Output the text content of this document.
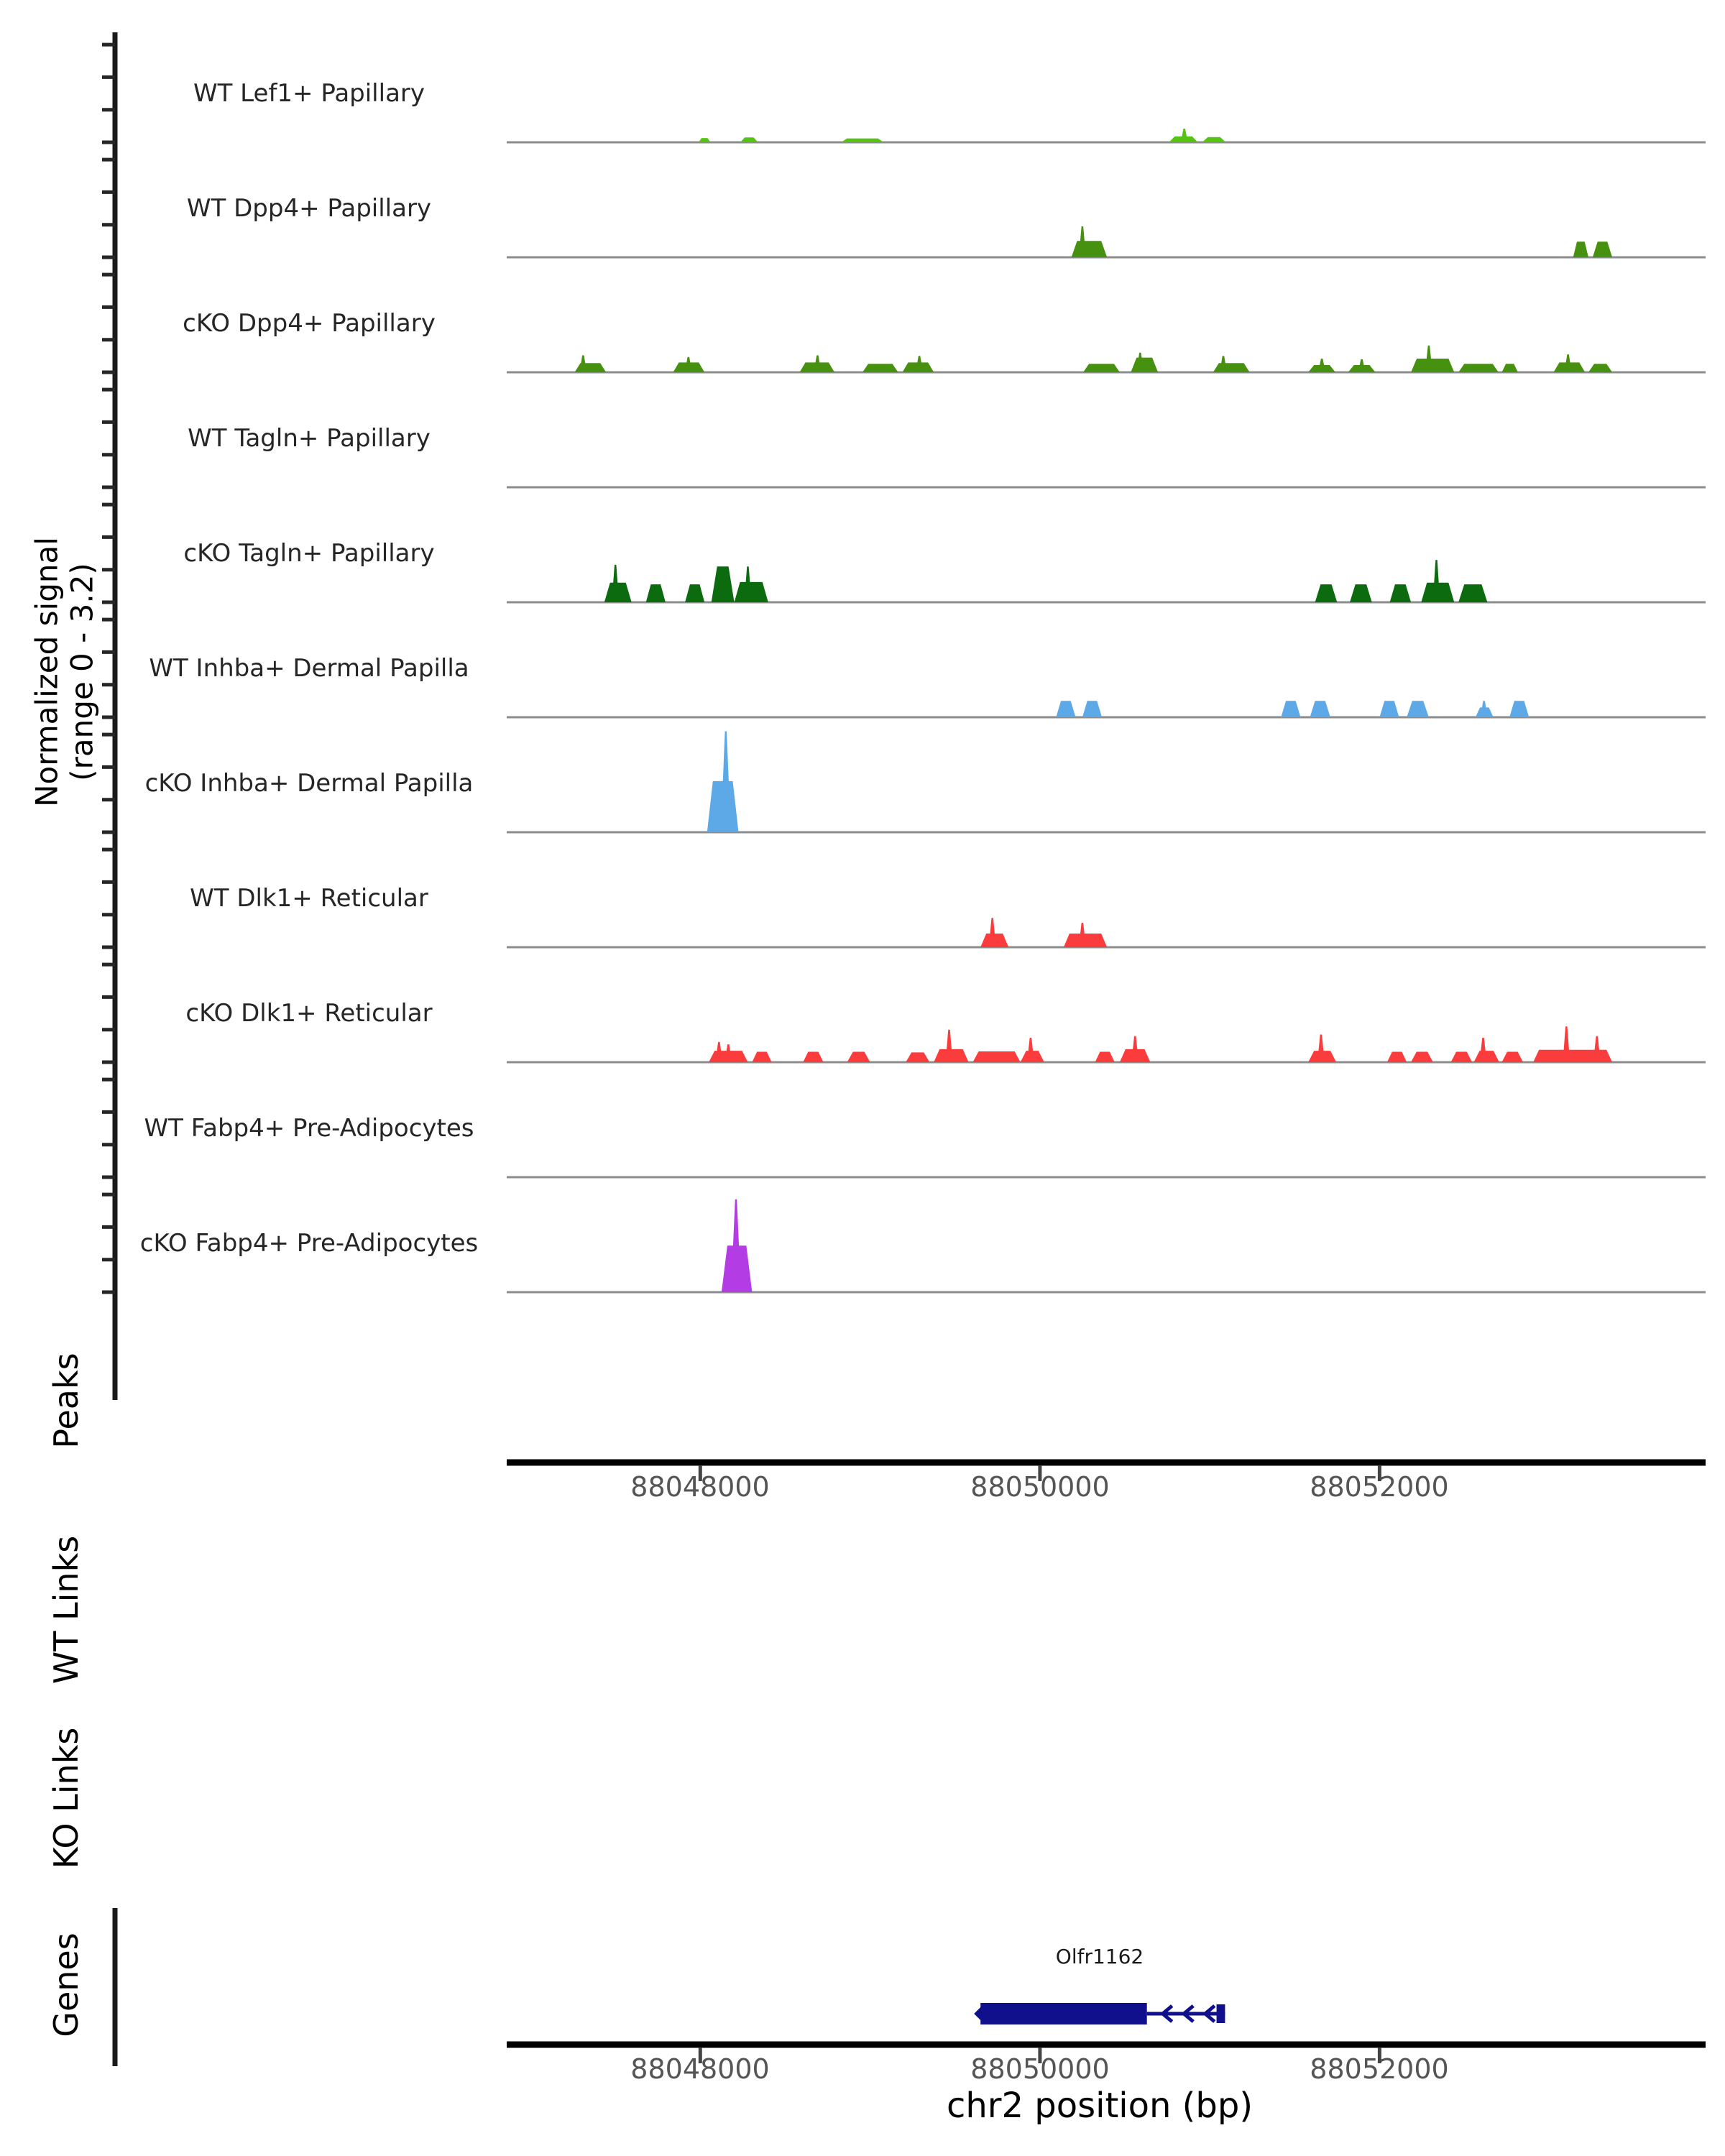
Normalized signal (range 0 - 3.2)
WT Lef1+ Papillary
WT Dpp4+ Papillary
cKO Dpp4+ Papillary
WT Tagln+ Papillary
cKO Tagln+ Papillary
WT Inhba+ Dermal Papilla
cKO Inhba+ Dermal Papilla
WT Dlk1+ Reticular
cKO Dlk1+ Reticular
WT Fabp4+ Pre-Adipocytes
cKO Fabp4+ Pre-Adipocytes
Peaks
WT Links
KO Links
Genes
88048000	88050000	88052000
88048000	88050000	88052000
chr2 position (bp)
Olfr1162
